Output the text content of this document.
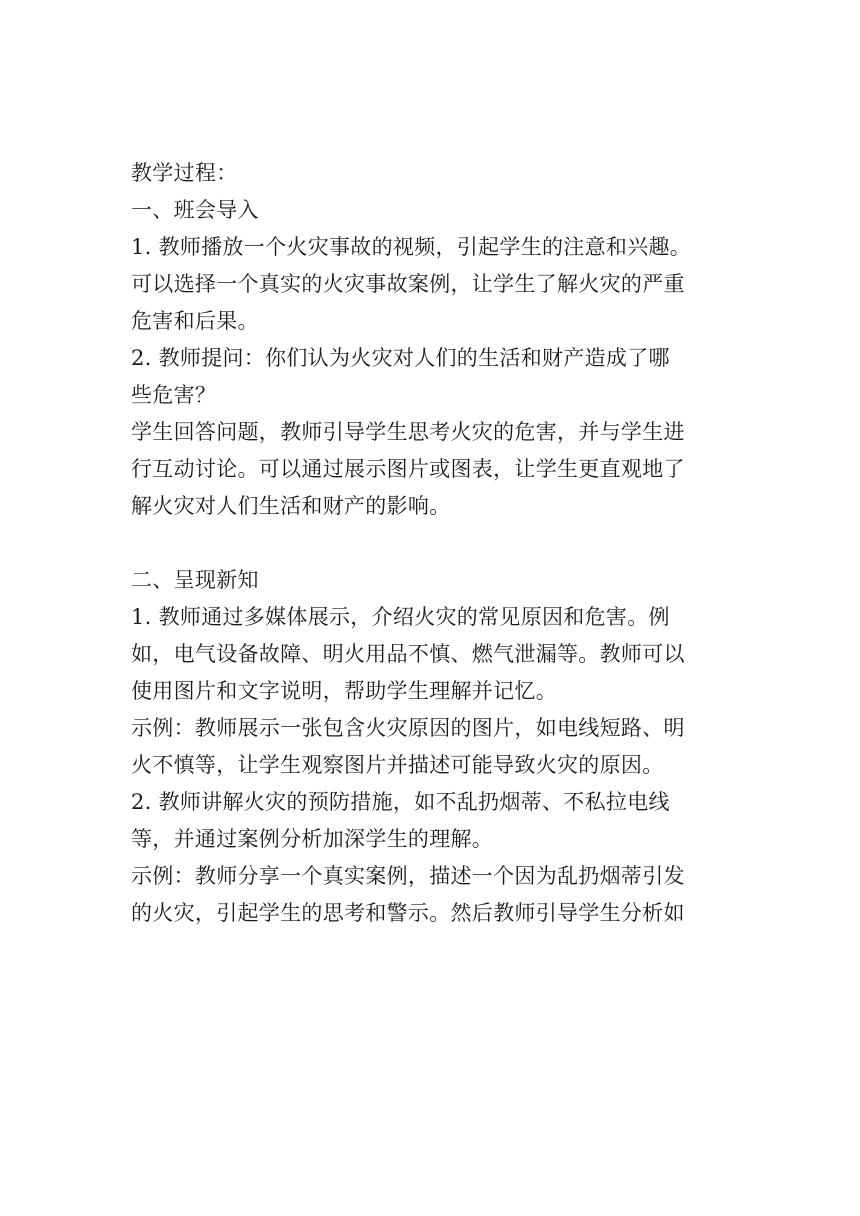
教学过程：

一、班会导入

1. 教师播放一个火灾事故的视频，引起学生的注意和兴趣。

可以选择一个真实的火灾事故案例，让学生了解火灾的严重

危害和后果。

2. 教师提问：你们认为火灾对人们的生活和财产造成了哪

些危害？

学生回答问题，教师引导学生思考火灾的危害，并与学生进

行互动讨论。可以通过展示图片或图表，让学生更直观地了

解火灾对人们生活和财产的影响。

二、呈现新知

1. 教师通过多媒体展示，介绍火灾的常见原因和危害。例

如，电气设备故障、明火用品不慎、燃气泄漏等。教师可以

使用图片和文字说明，帮助学生理解并记忆。

示例：教师展示一张包含火灾原因的图片，如电线短路、明

火不慎等，让学生观察图片并描述可能导致火灾的原因。

2. 教师讲解火灾的预防措施，如不乱扔烟蒂、不私拉电线

等，并通过案例分析加深学生的理解。

示例：教师分享一个真实案例，描述一个因为乱扔烟蒂引发

的火灾，引起学生的思考和警示。然后教师引导学生分析如
